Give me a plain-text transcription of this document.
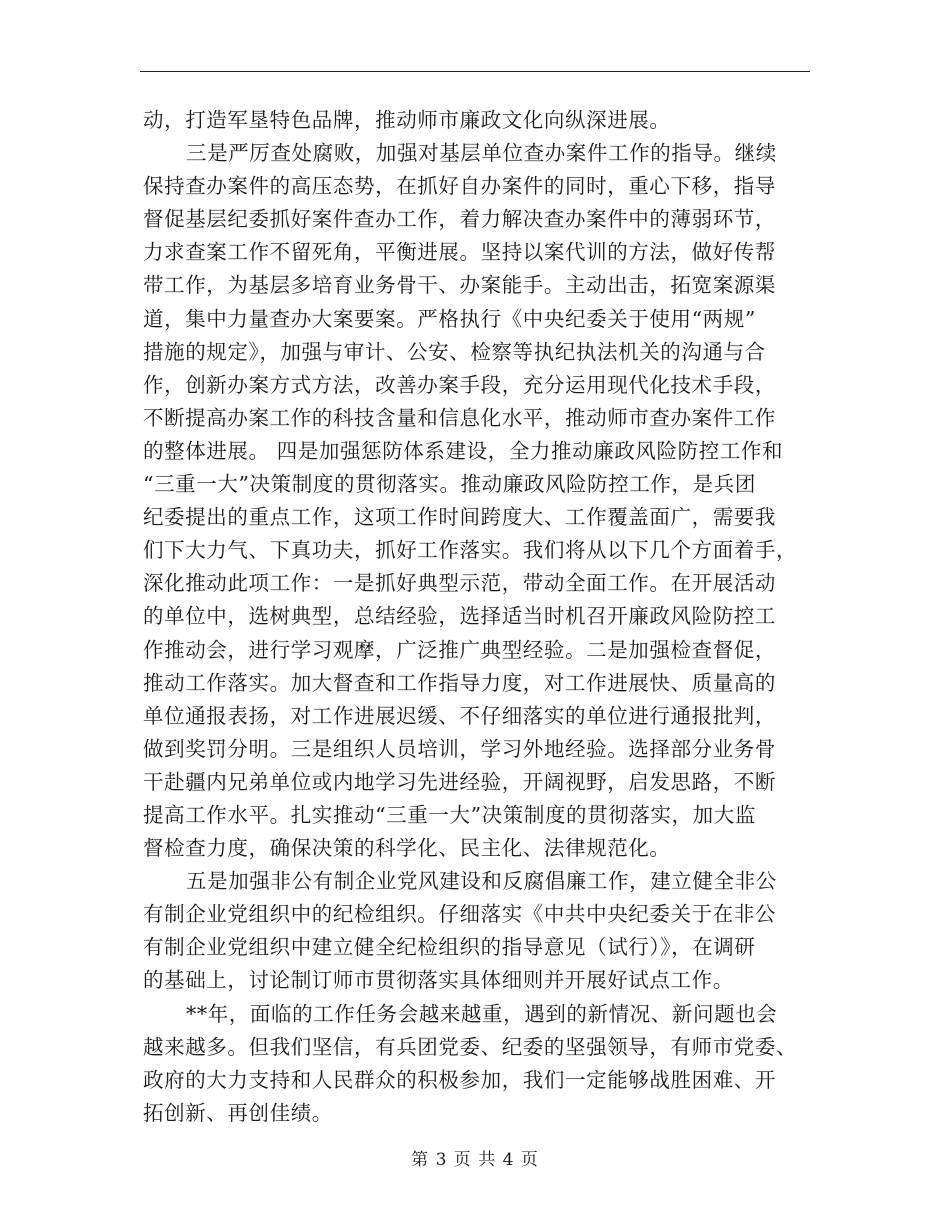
动，打造军垦特色品牌，推动师市廉政文化向纵深进展。
三是严厉查处腐败，加强对基层单位查办案件工作的指导。继续
保持查办案件的高压态势，在抓好自办案件的同时，重心下移，指导
督促基层纪委抓好案件查办工作，着力解决查办案件中的薄弱环节，
力求查案工作不留死角，平衡进展。坚持以案代训的方法，做好传帮
带工作，为基层多培育业务骨干、办案能手。主动出击，拓宽案源渠
道，集中力量查办大案要案。严格执行《中央纪委关于使用“两规”
措施的规定》，加强与审计、公安、检察等执纪执法机关的沟通与合
作，创新办案方式方法，改善办案手段，充分运用现代化技术手段，
不断提高办案工作的科技含量和信息化水平，推动师市查办案件工作
的整体进展。 四是加强惩防体系建设，全力推动廉政风险防控工作和
“三重一大”决策制度的贯彻落实。推动廉政风险防控工作，是兵团
纪委提出的重点工作，这项工作时间跨度大、工作覆盖面广，需要我
们下大力气、下真功夫，抓好工作落实。我们将从以下几个方面着手，
深化推动此项工作：一是抓好典型示范，带动全面工作。在开展活动
的单位中，选树典型，总结经验，选择适当时机召开廉政风险防控工
作推动会，进行学习观摩，广泛推广典型经验。二是加强检查督促，
推动工作落实。加大督查和工作指导力度，对工作进展快、质量高的
单位通报表扬，对工作进展迟缓、不仔细落实的单位进行通报批判，
做到奖罚分明。三是组织人员培训，学习外地经验。选择部分业务骨
干赴疆内兄弟单位或内地学习先进经验，开阔视野，启发思路，不断
提高工作水平。扎实推动“三重一大”决策制度的贯彻落实，加大监
督检查力度，确保决策的科学化、民主化、法律规范化。
五是加强非公有制企业党风建设和反腐倡廉工作，建立健全非公
有制企业党组织中的纪检组织。仔细落实《中共中央纪委关于在非公
有制企业党组织中建立健全纪检组织的指导意见（试行）》，在调研
的基础上，讨论制订师市贯彻落实具体细则并开展好试点工作。
**年，面临的工作任务会越来越重，遇到的新情况、新问题也会
越来越多。但我们坚信，有兵团党委、纪委的坚强领导，有师市党委、
政府的大力支持和人民群众的积极参加，我们一定能够战胜困难、开
拓创新、再创佳绩。
第 3 页 共 4 页
